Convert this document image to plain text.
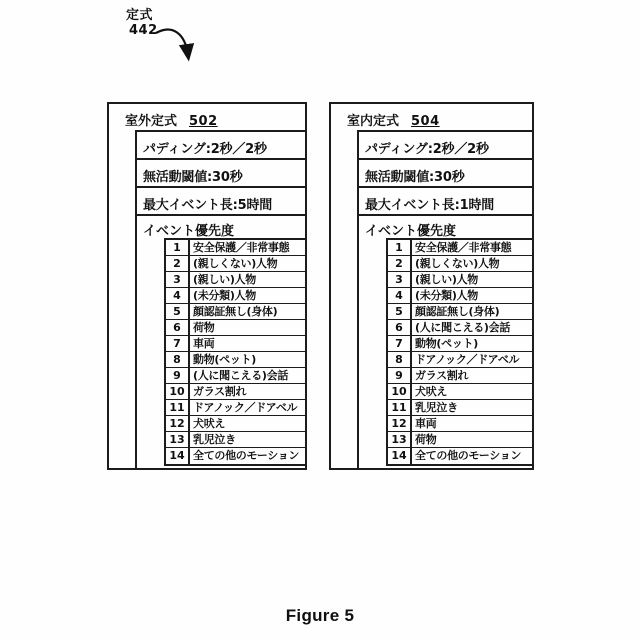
定式
442
室外定式 502
パディング:2秒／2秒
無活動閾値:30秒
最大イベント長:5時間
イベント優先度
1	安全保護／非常事態
2	(親しくない)人物
3	(親しい)人物
4	(未分類)人物
5	顔認証無し(身体)
6	荷物
7	車両
8	動物(ペット)
9	(人に聞こえる)会話
10 ガラス割れ
11 ドアノック／ドアベル
12 犬吠え
13 乳児泣き
14 全ての他のモーション
室内定式 504
パディング:2秒／2秒
無活動閾値:30秒
最大イベント長:1時間
イベント優先度
1	安全保護／非常事態
2	(親しくない)人物
3	(親しい)人物
4	(未分類)人物
5	顔認証無し(身体)
6	(人に聞こえる)会話
7	動物(ペット)
8	ドアノック／ドアベル
9	ガラス割れ
10 犬吠え
11 乳児泣き
12 車両
13 荷物
14 全ての他のモーション
Figure 5
